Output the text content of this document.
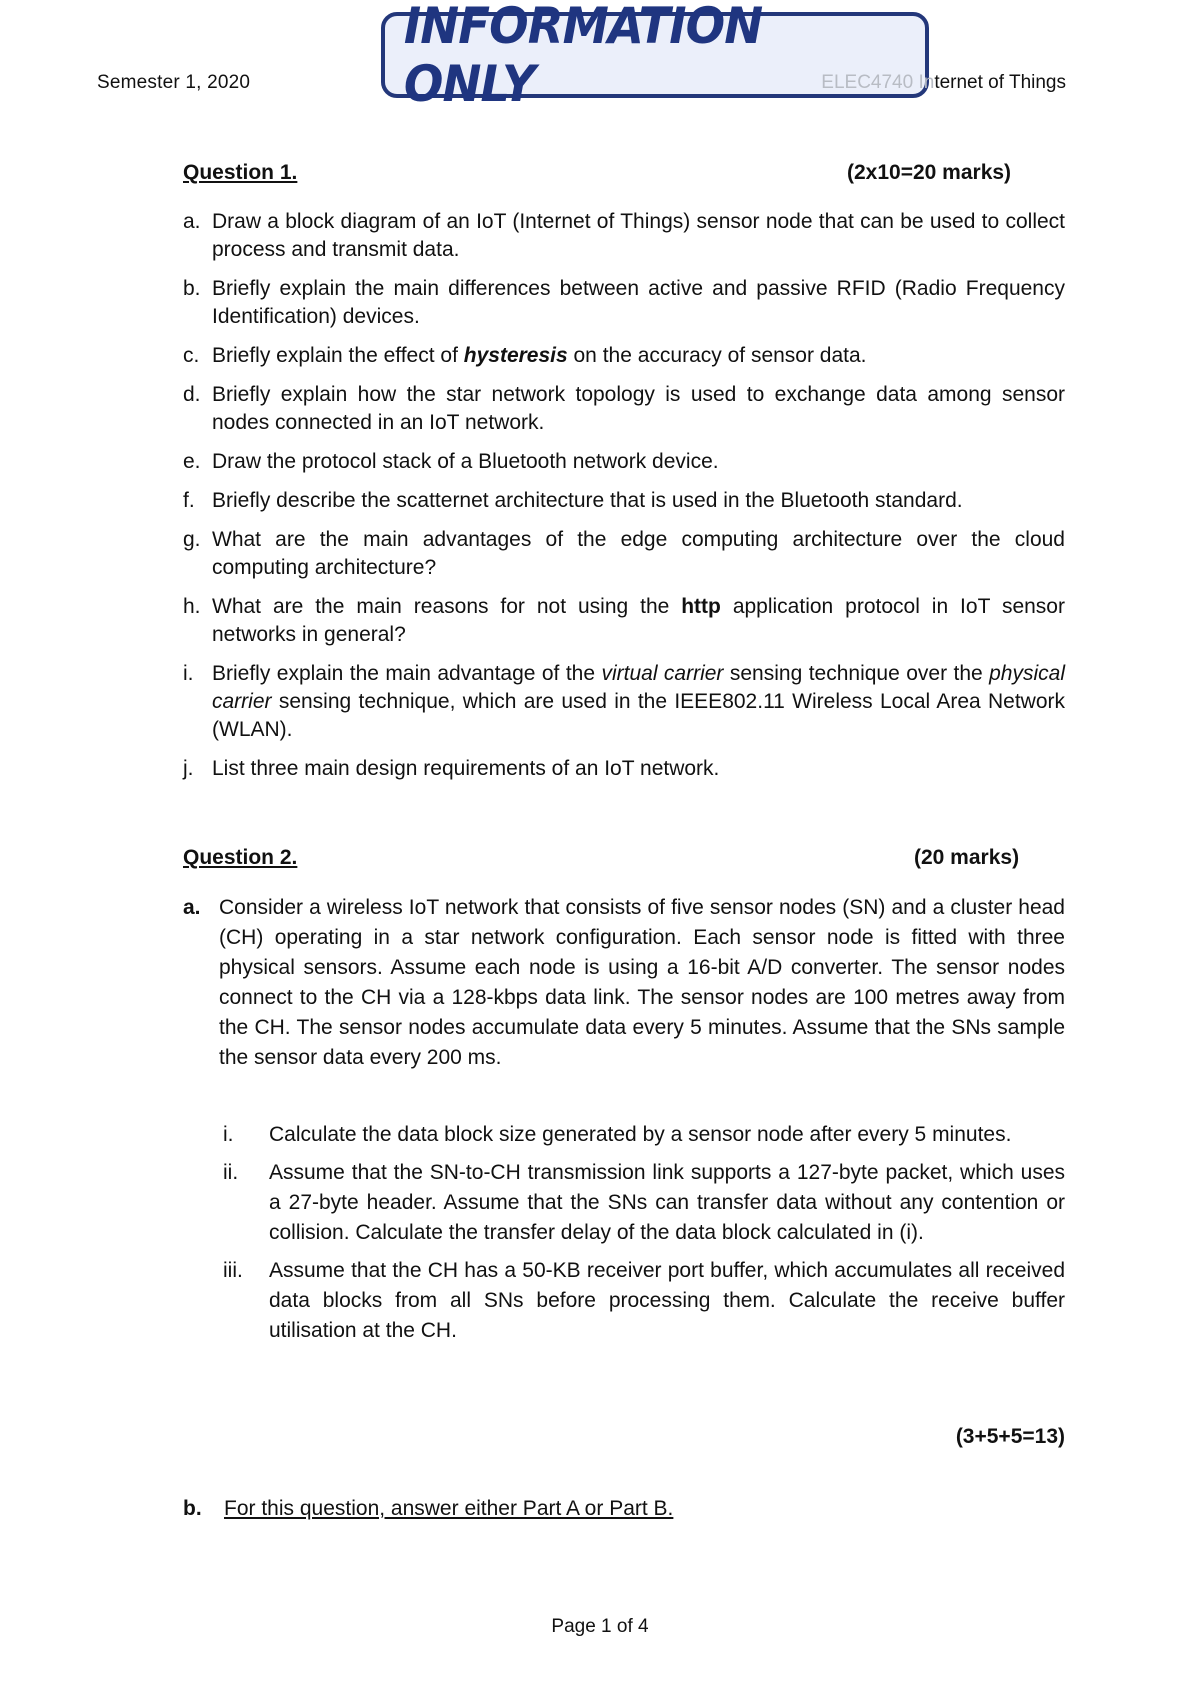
Semester 1, 2020
INFORMATION ONLY	ELEC4740 Internet of Things
Question 1.	(2x10=20 marks)
a. Draw a block diagram of an IoT (Internet of Things) sensor node that can be used to collect process and transmit data.
b. Briefly explain the main differences between active and passive RFID (Radio Frequency Identification) devices.
c. Briefly explain the effect of hysteresis on the accuracy of sensor data.
d. Briefly explain how the star network topology is used to exchange data among sensor nodes connected in an IoT network.
e. Draw the protocol stack of a Bluetooth network device.
f. Briefly describe the scatternet architecture that is used in the Bluetooth standard.
g. What are the main advantages of the edge computing architecture over the cloud computing architecture?
h. What are the main reasons for not using the http application protocol in IoT sensor networks in general?
i. Briefly explain the main advantage of the virtual carrier sensing technique over the physical carrier sensing technique, which are used in the IEEE802.11 Wireless Local Area Network (WLAN).
j. List three main design requirements of an IoT network.
Question 2.	(20 marks)
a. Consider a wireless IoT network that consists of five sensor nodes (SN) and a cluster head (CH) operating in a star network configuration. Each sensor node is fitted with three physical sensors. Assume each node is using a 16-bit A/D converter. The sensor nodes connect to the CH via a 128-kbps data link. The sensor nodes are 100 metres away from the CH. The sensor nodes accumulate data every 5 minutes. Assume that the SNs sample the sensor data every 200 ms.
i. Calculate the data block size generated by a sensor node after every 5 minutes.
ii. Assume that the SN-to-CH transmission link supports a 127-byte packet, which uses a 27-byte header. Assume that the SNs can transfer data without any contention or collision. Calculate the transfer delay of the data block calculated in (i).
iii. Assume that the CH has a 50-KB receiver port buffer, which accumulates all received data blocks from all SNs before processing them. Calculate the receive buffer utilisation at the CH.
(3+5+5=13)
b. For this question, answer either Part A or Part B.
Page 1 of 4
